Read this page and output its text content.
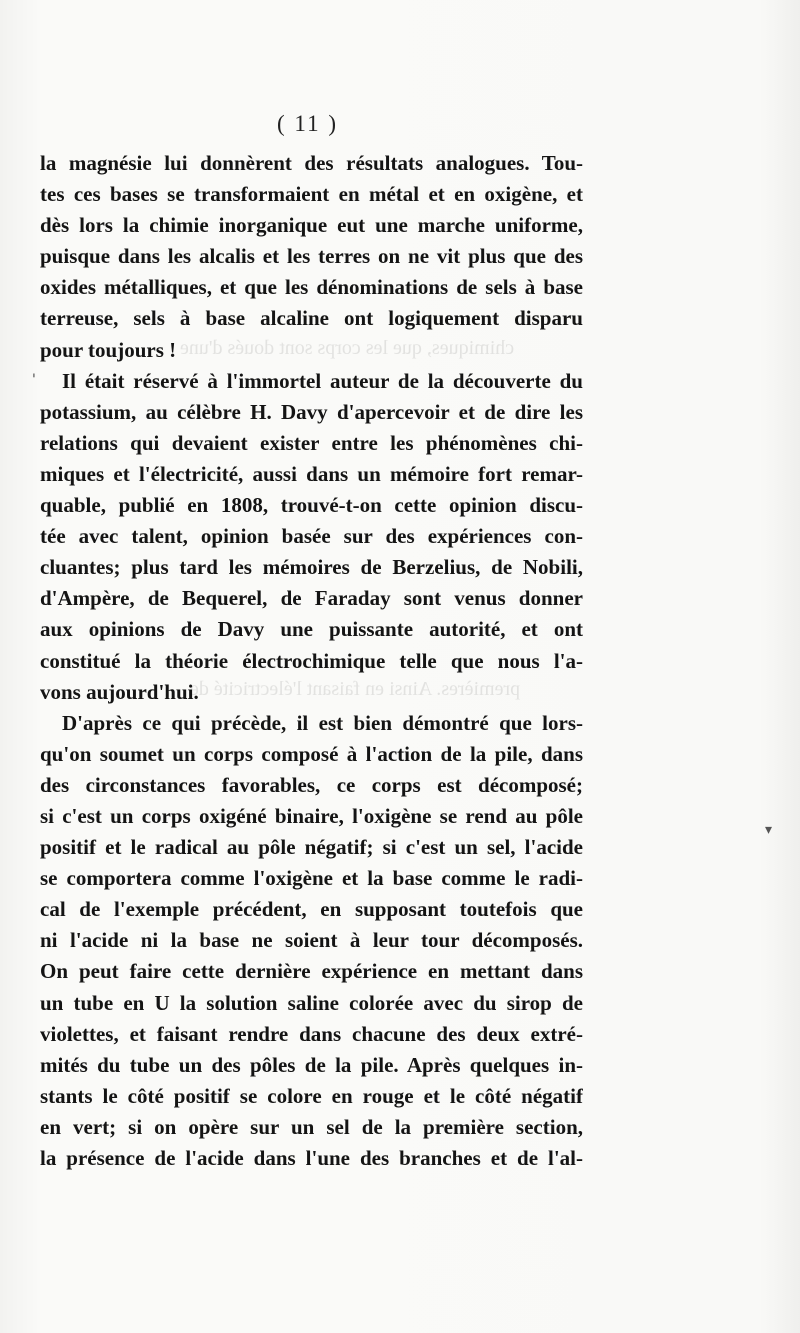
chimiques, que les corps sont doués d'une
premières. Ainsi en faisant l'électricité de
( 11 )
'
▾
la magnésie lui donnèrent des résultats analogues. Tou-
tes ces bases se transformaient en métal et en oxigène, et
dès lors la chimie inorganique eut une marche uniforme,
puisque dans les alcalis et les terres on ne vit plus que des
oxides métalliques, et que les dénominations de sels à base
terreuse, sels à base alcaline ont logiquement disparu
pour toujours !
Il était réservé à l'immortel auteur de la découverte du
potassium, au célèbre H. Davy d'apercevoir et de dire les
relations qui devaient exister entre les phénomènes chi-
miques et l'électricité, aussi dans un mémoire fort remar-
quable, publié en 1808, trouvé-t-on cette opinion discu-
tée avec talent, opinion basée sur des expériences con-
cluantes; plus tard les mémoires de Berzelius, de Nobili,
d'Ampère, de Bequerel, de Faraday sont venus donner
aux opinions de Davy une puissante autorité, et ont
constitué la théorie électrochimique telle que nous l'a-
vons aujourd'hui.
D'après ce qui précède, il est bien démontré que lors-
qu'on soumet un corps composé à l'action de la pile, dans
des circonstances favorables, ce corps est décomposé;
si c'est un corps oxigéné binaire, l'oxigène se rend au pôle
positif et le radical au pôle négatif; si c'est un sel, l'acide
se comportera comme l'oxigène et la base comme le radi-
cal de l'exemple précédent, en supposant toutefois que
ni l'acide ni la base ne soient à leur tour décomposés.
On peut faire cette dernière expérience en mettant dans
un tube en U la solution saline colorée avec du sirop de
violettes, et faisant rendre dans chacune des deux extré-
mités du tube un des pôles de la pile. Après quelques in-
stants le côté positif se colore en rouge et le côté négatif
en vert; si on opère sur un sel de la première section,
la présence de l'acide dans l'une des branches et de l'al-
